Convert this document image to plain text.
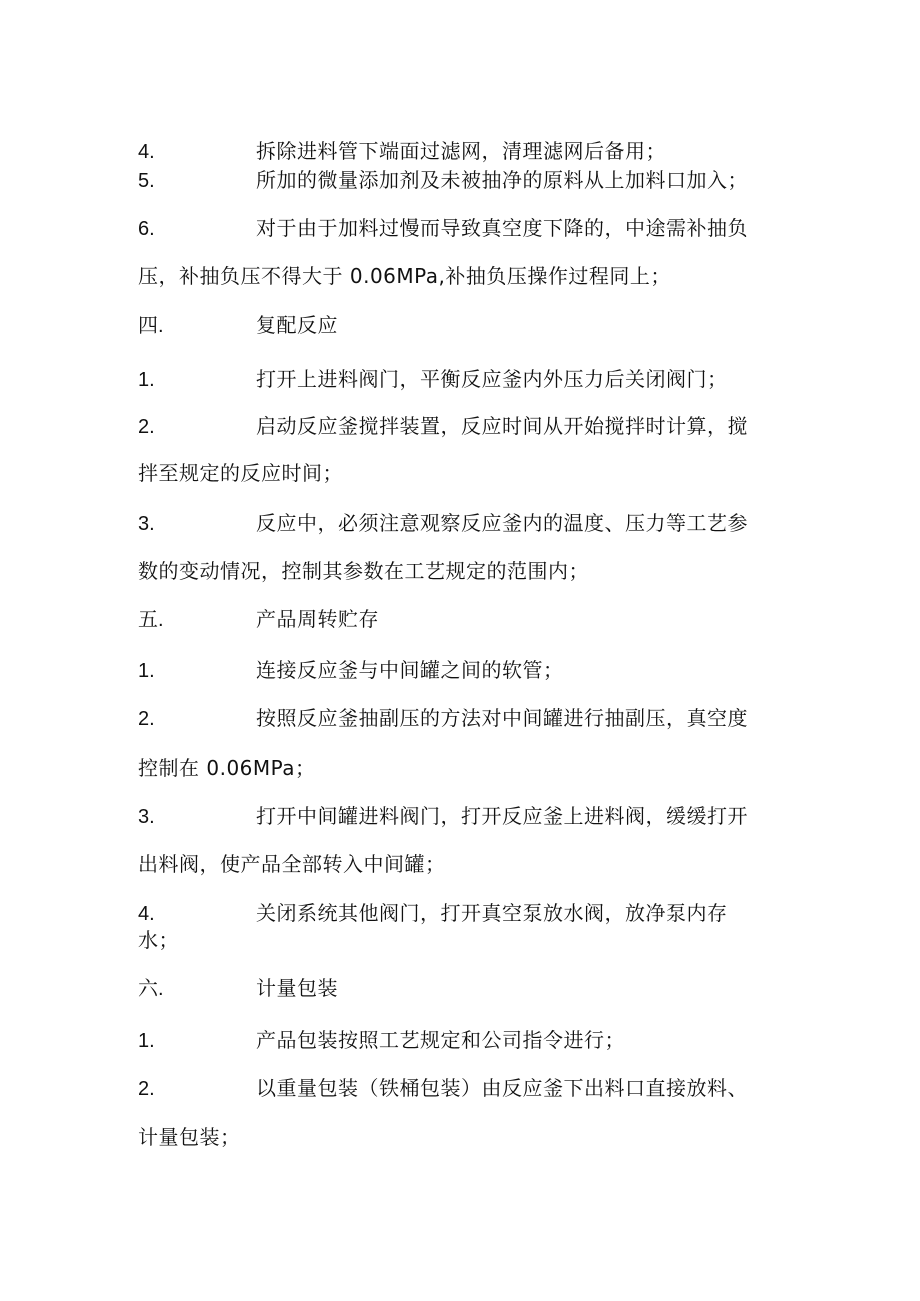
4.	拆除进料管下端面过滤网，清理滤网后备用；
5.	所加的微量添加剂及未被抽净的原料从上加料口加入；
6.	对于由于加料过慢而导致真空度下降的，中途需补抽负
压，补抽负压不得大于 0.06MPa,补抽负压操作过程同上；
四.	复配反应
1.	打开上进料阀门，平衡反应釜内外压力后关闭阀门；
2.	启动反应釜搅拌装置，反应时间从开始搅拌时计算，搅
拌至规定的反应时间；
3.	反应中，必须注意观察反应釜内的温度、压力等工艺参
数的变动情况，控制其参数在工艺规定的范围内；
五.	产品周转贮存
1.	连接反应釜与中间罐之间的软管；
2.	按照反应釜抽副压的方法对中间罐进行抽副压，真空度
控制在 0.06MPa；
3.	打开中间罐进料阀门，打开反应釜上进料阀，缓缓打开
出料阀，使产品全部转入中间罐；
4.	关闭系统其他阀门，打开真空泵放水阀，放净泵内存
水；
六.	计量包装
1.	产品包装按照工艺规定和公司指令进行；
2.	以重量包装（铁桶包装）由反应釜下出料口直接放料、
计量包装；
